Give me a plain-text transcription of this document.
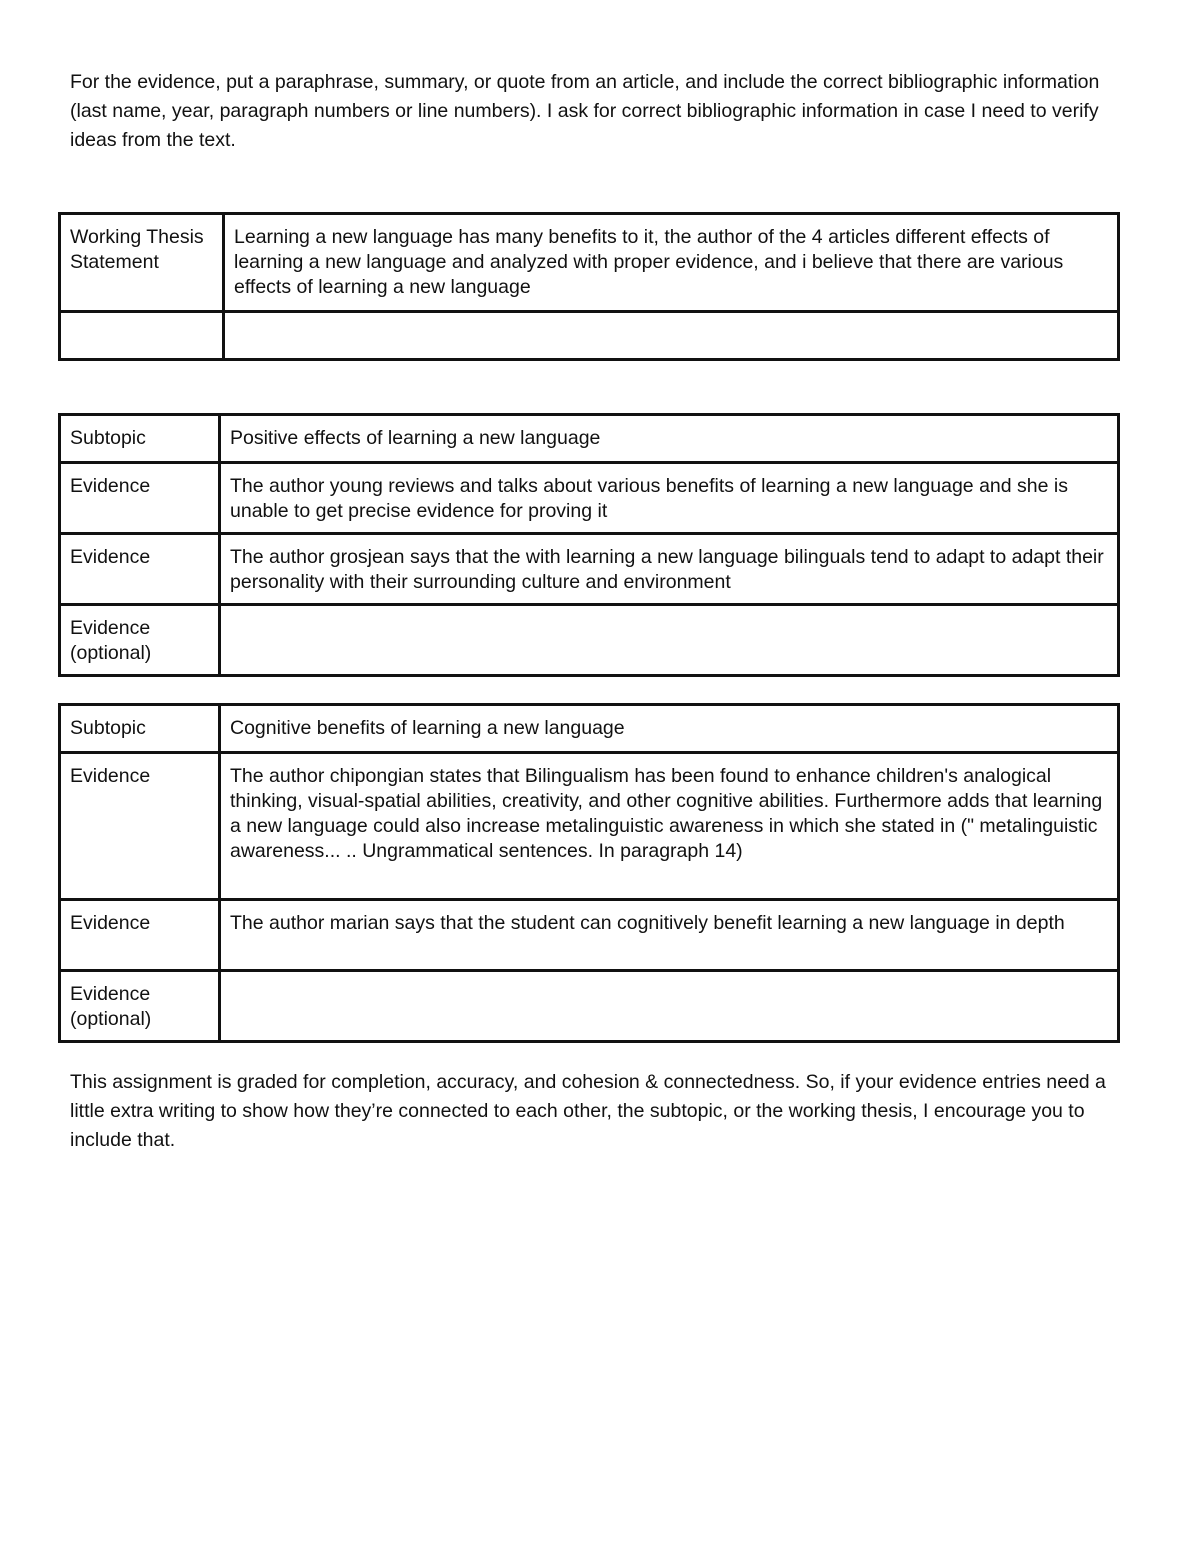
For the evidence, put a paraphrase, summary, or quote from an article, and include the correct bibliographic information (last name, year, paragraph numbers or line numbers). I ask for correct bibliographic information in case I need to verify ideas from the text.

Working Thesis Statement	Learning a new language has many benefits to it, the author of the 4 articles different effects of learning a new language and analyzed with proper evidence, and i believe that there are various effects of learning a new language

Subtopic	Positive effects of learning a new language
Evidence	The author young reviews and talks about various benefits of learning a new language and she is unable to get precise evidence for proving it
Evidence	The author grosjean says that the with learning a new language bilinguals tend to adapt to adapt their personality with their surrounding culture and environment
Evidence (optional)	
Subtopic	Cognitive benefits of learning a new language
Evidence	The author chipongian states that Bilingualism has been found to enhance children's analogical thinking, visual-spatial abilities, creativity, and other cognitive abilities. Furthermore adds that learning a new language could also increase metalinguistic awareness in which she stated in (" metalinguistic awareness... .. Ungrammatical sentences. In paragraph 14)
Evidence	The author marian says that the student can cognitively benefit learning a new language in depth
Evidence (optional)	

This assignment is graded for completion, accuracy, and cohesion & connectedness. So, if your evidence entries need a little extra writing to show how they’re connected to each other, the subtopic, or the working thesis, I encourage you to include that.
